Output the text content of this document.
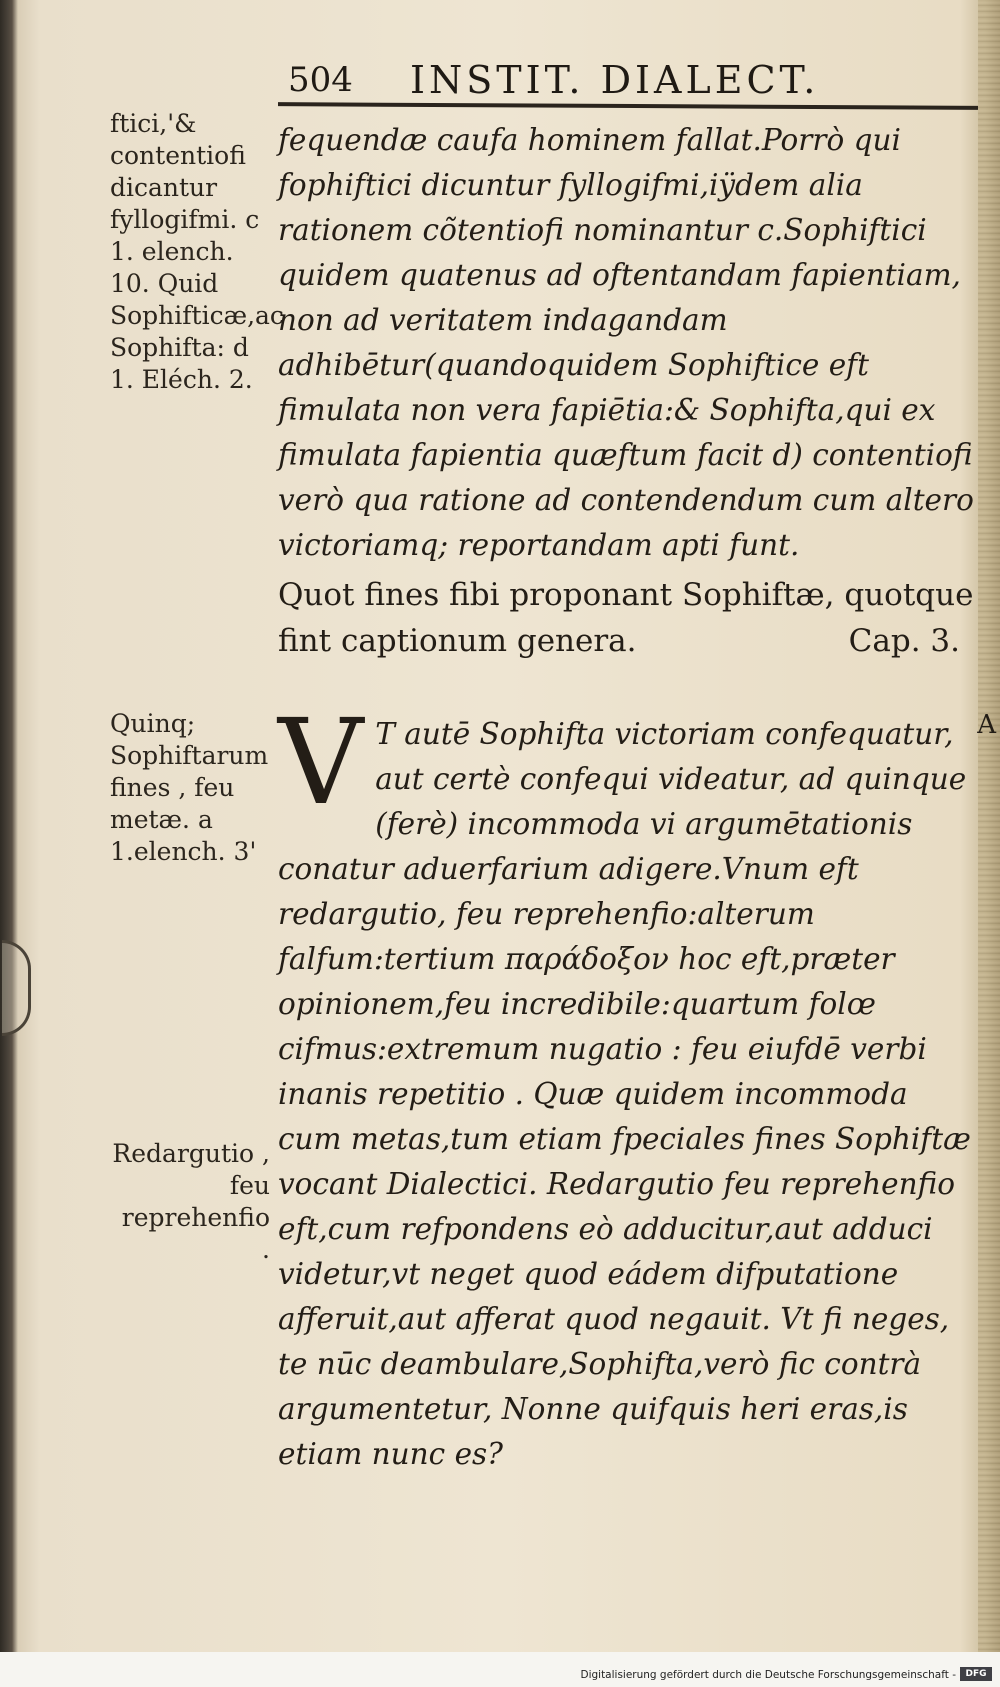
504 INSTIT. DIALECT.
ftici,'& contentiofi dicantur fyllogifmi. c 1. elench. 10. Quid Sophifticæ,ac Sophifta: d 1. Eléch. 2.
Quinq; Sophiftarum fines , feu metæ. a 1.elench. 3'
Redargutio , feu reprehenfio .
fequendæ caufa hominem fallat.Porrò qui fophiftici dicuntur fyllogifmi,iÿdem alia rationem cõtentiofi nominantur c.Sophiftici quidem quatenus ad oftentandam fapientiam, non ad veritatem indagandam adhibētur(quandoquidem Sophiftice eft fimulata non vera fapiētia:& Sophifta,qui ex fimulata fapientia quæftum facit d) contentiofi verò qua ratione ad contendendum cum altero victoriamq; reportandam apti funt.
Quot fines fibi proponant Sophiftæ, quotque fint captionum genera.	Cap. 3.
V T autē Sophifta victoriam confequatur, aut certè confequi videatur, ad quinque (ferè) incommoda vi argumētationis conatur aduerfarium adigere.Vnum eft redargutio, feu reprehenfio:alterum falfum:tertium παράδοξον hoc eft,præter opinionem,feu incredibile:quartum folœ cifmus:extremum nugatio : feu eiufdē verbi inanis repetitio . Quæ quidem incommoda cum metas,tum etiam fpeciales fines Sophiftæ vocant Dialectici. Redargutio feu reprehenfio eft,cum refpondens eò adducitur,aut adduci videtur,vt neget quod eádem difputatione afferuit,aut afferat quod negauit. Vt fi neges, te nūc deambulare,Sophifta,verò fic contrà argumentetur, Nonne quifquis heri eras,is etiam nunc es?
A
Digitalisierung gefördert durch die Deutsche Forschungsgemeinschaft -	DFG
